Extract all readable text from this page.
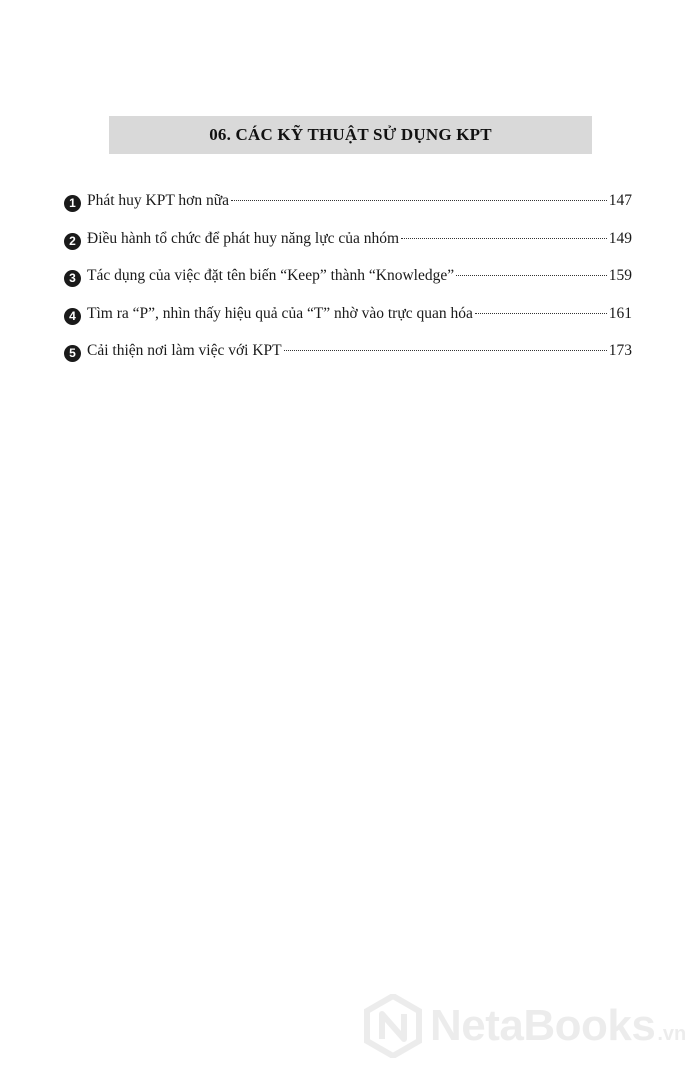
06. CÁC KỸ THUẬT SỬ DỤNG KPT
1 Phát huy KPT hơn nữa	147
2 Điều hành tổ chức để phát huy năng lực của nhóm	149
3 Tác dụng của việc đặt tên biến “Keep” thành “Knowledge”	159
4 Tìm ra “P”, nhìn thấy hiệu quả của “T” nhờ vào trực quan hóa	161
5 Cải thiện nơi làm việc với KPT	173
NetaBooks .vn
